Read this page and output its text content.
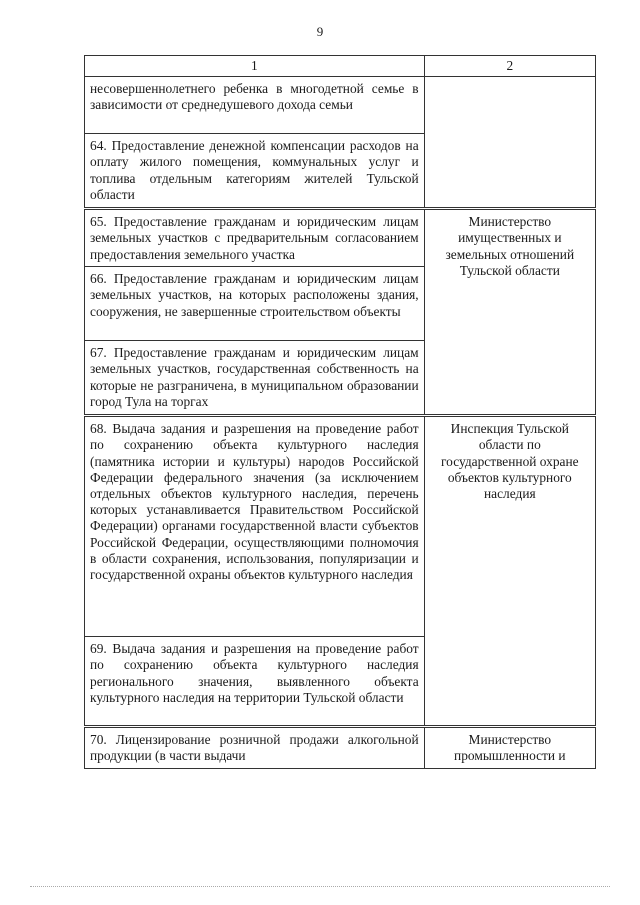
9
1	2
несовершеннолетнего ребенка в многодетной семье в зависимости от среднедушевого дохода семьи	
64. Предоставление денежной компенсации расходов на оплату жилого помещения, коммунальных услуг и топлива отдельным категориям жителей Тульской области	
65. Предоставление гражданам и юридическим лицам земельных участков с предварительным согласованием предоставления земельного участка	Министерство имущественных и земельных отношений Тульской области
66. Предоставление гражданам и юридическим лицам земельных участков, на которых расположены здания, сооружения, не завершенные строительством объекты	
67. Предоставление гражданам и юридическим лицам земельных участков, государственная собственность на которые не разграничена, в муниципальном образовании город Тула на торгах	
68. Выдача задания и разрешения на проведение работ по сохранению объекта культурного наследия (памятника истории и культуры) народов Российской Федерации федерального значения (за исключением отдельных объектов культурного наследия, перечень которых устанавливается Правительством Российской Федерации) органами государственной власти субъектов Российской Федерации, осуществляющими полномочия в области сохранения, использования, популяризации и государственной охраны объектов культурного наследия	Инспекция Тульской области по государственной охране объектов культурного наследия
69. Выдача задания и разрешения на проведение работ по сохранению объекта культурного наследия регионального значения, выявленного объекта культурного наследия на территории Тульской области	
70. Лицензирование розничной продажи алкогольной продукции (в части выдачи	Министерство промышленности и
